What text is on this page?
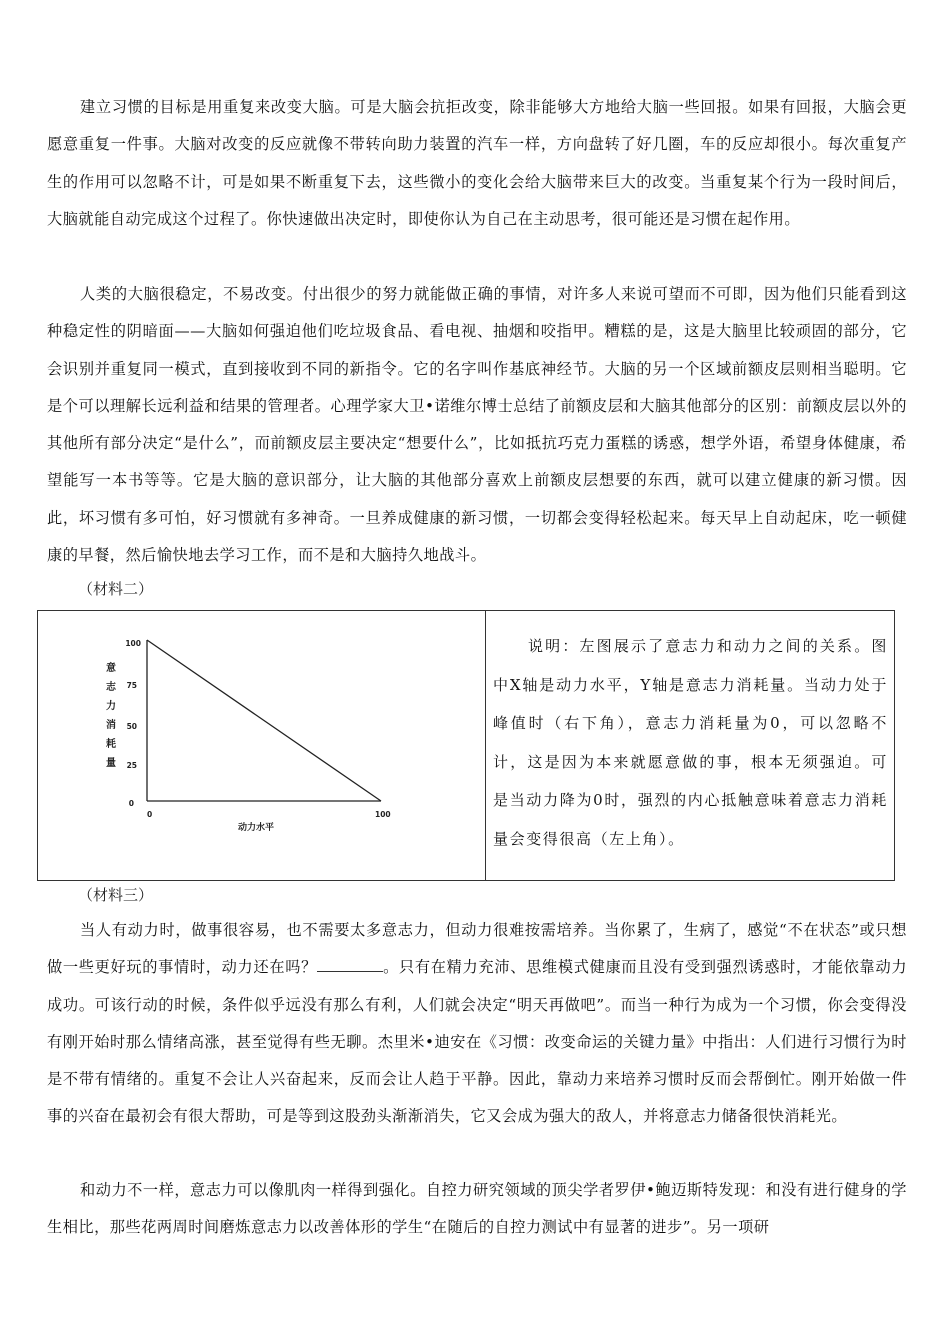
建立习惯的目标是用重复来改变大脑。可是大脑会抗拒改变，除非能够大方地给大脑一些回报。如果有回报，大脑会更愿意重复一件事。大脑对改变的反应就像不带转向助力装置的汽车一样，方向盘转了好几圈，车的反应却很小。每次重复产生的作用可以忽略不计，可是如果不断重复下去，这些微小的变化会给大脑带来巨大的改变。当重复某个行为一段时间后，大脑就能自动完成这个过程了。你快速做出决定时，即使你认为自己在主动思考，很可能还是习惯在起作用。

人类的大脑很稳定，不易改变。付出很少的努力就能做正确的事情，对许多人来说可望而不可即，因为他们只能看到这种稳定性的阴暗面——大脑如何强迫他们吃垃圾食品、看电视、抽烟和咬指甲。糟糕的是，这是大脑里比较顽固的部分，它会识别并重复同一模式，直到接收到不同的新指令。它的名字叫作基底神经节。大脑的另一个区域前额皮层则相当聪明。它是个可以理解长远利益和结果的管理者。心理学家大卫•诺维尔博士总结了前额皮层和大脑其他部分的区别：前额皮层以外的其他所有部分决定“是什么”，而前额皮层主要决定“想要什么”，比如抵抗巧克力蛋糕的诱惑，想学外语，希望身体健康，希望能写一本书等等。它是大脑的意识部分，让大脑的其他部分喜欢上前额皮层想要的东西，就可以建立健康的新习惯。因此，坏习惯有多可怕，好习惯就有多神奇。一旦养成健康的新习惯，一切都会变得轻松起来。每天早上自动起床，吃一顿健康的早餐，然后愉快地去学习工作，而不是和大脑持久地战斗。

（材料二）
意
志
力
消
耗
量
100
75
50
25
0
0	100
动力水平

说明：左图展示了意志力和动力之间的关系。图中X轴是动力水平，Y轴是意志力消耗量。当动力处于峰值时（右下角），意志力消耗量为0，可以忽略不计，这是因为本来就愿意做的事，根本无须强迫。可是当动力降为0时，强烈的内心抵触意味着意志力消耗量会变得很高（左上角）。

（材料三）

当人有动力时，做事很容易，也不需要太多意志力，但动力很难按需培养。当你累了，生病了，感觉“不在状态”或只想做一些更好玩的事情时，动力还在吗？	。只有在精力充沛、思维模式健康而且没有受到强烈诱惑时，才能依靠动力成功。可该行动的时候，条件似乎远没有那么有利，人们就会决定“明天再做吧”。而当一种行为成为一个习惯，你会变得没有刚开始时那么情绪高涨，甚至觉得有些无聊。杰里米•迪安在《习惯：改变命运的关键力量》中指出：人们进行习惯行为时是不带有情绪的。重复不会让人兴奋起来，反而会让人趋于平静。因此，靠动力来培养习惯时反而会帮倒忙。刚开始做一件事的兴奋在最初会有很大帮助，可是等到这股劲头渐渐消失，它又会成为强大的敌人，并将意志力储备很快消耗光。

和动力不一样，意志力可以像肌肉一样得到强化。自控力研究领域的顶尖学者罗伊•鲍迈斯特发现：和没有进行健身的学生相比，那些花两周时间磨炼意志力以改善体形的学生“在随后的自控力测试中有显著的进步”。另一项研
